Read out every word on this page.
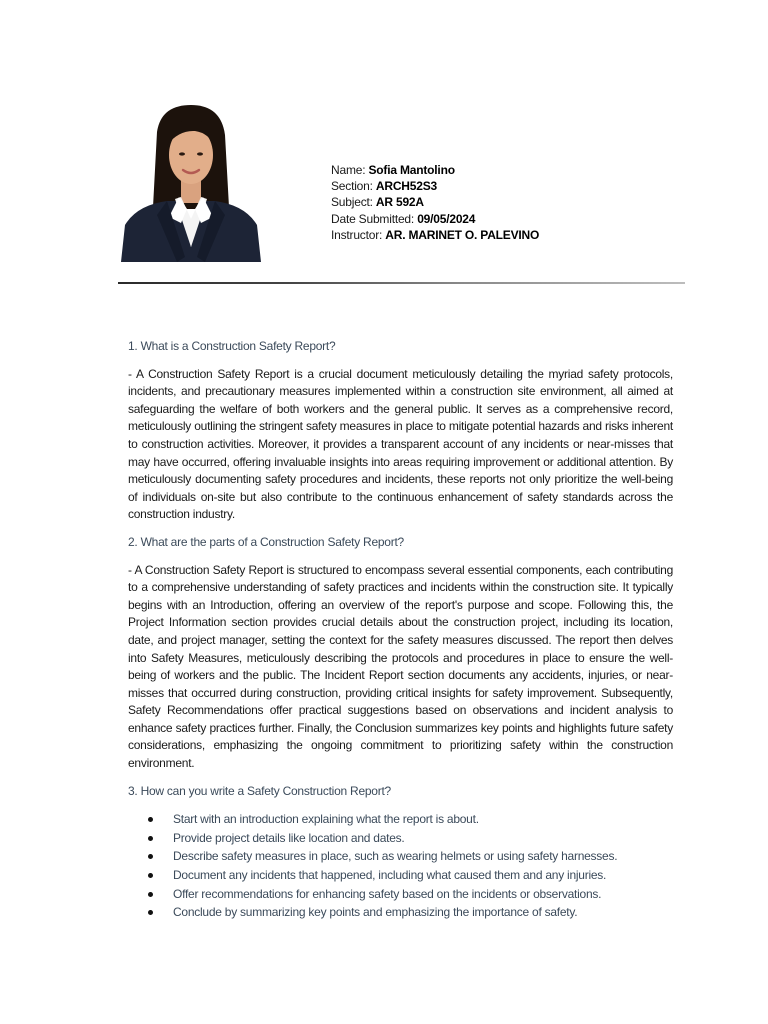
Name: Sofia Mantolino
Section: ARCH52S3
Subject: AR 592A
Date Submitted: 09/05/2024
Instructor: AR. MARINET O. PALEVINO
1. What is a Construction Safety Report?
- A Construction Safety Report is a crucial document meticulously detailing the myriad safety protocols, incidents, and precautionary measures implemented within a construction site environment, all aimed at safeguarding the welfare of both workers and the general public. It serves as a comprehensive record, meticulously outlining the stringent safety measures in place to mitigate potential hazards and risks inherent to construction activities. Moreover, it provides a transparent account of any incidents or near-misses that may have occurred, offering invaluable insights into areas requiring improvement or additional attention. By meticulously documenting safety procedures and incidents, these reports not only prioritize the well-being of individuals on-site but also contribute to the continuous enhancement of safety standards across the construction industry.
2. What are the parts of a Construction Safety Report?
- A Construction Safety Report is structured to encompass several essential components, each contributing to a comprehensive understanding of safety practices and incidents within the construction site. It typically begins with an Introduction, offering an overview of the report's purpose and scope. Following this, the Project Information section provides crucial details about the construction project, including its location, date, and project manager, setting the context for the safety measures discussed. The report then delves into Safety Measures, meticulously describing the protocols and procedures in place to ensure the well-being of workers and the public. The Incident Report section documents any accidents, injuries, or near-misses that occurred during construction, providing critical insights for safety improvement. Subsequently, Safety Recommendations offer practical suggestions based on observations and incident analysis to enhance safety practices further. Finally, the Conclusion summarizes key points and highlights future safety considerations, emphasizing the ongoing commitment to prioritizing safety within the construction environment.
3. How can you write a Safety Construction Report?
Start with an introduction explaining what the report is about.
Provide project details like location and dates.
Describe safety measures in place, such as wearing helmets or using safety harnesses.
Document any incidents that happened, including what caused them and any injuries.
Offer recommendations for enhancing safety based on the incidents or observations.
Conclude by summarizing key points and emphasizing the importance of safety.
